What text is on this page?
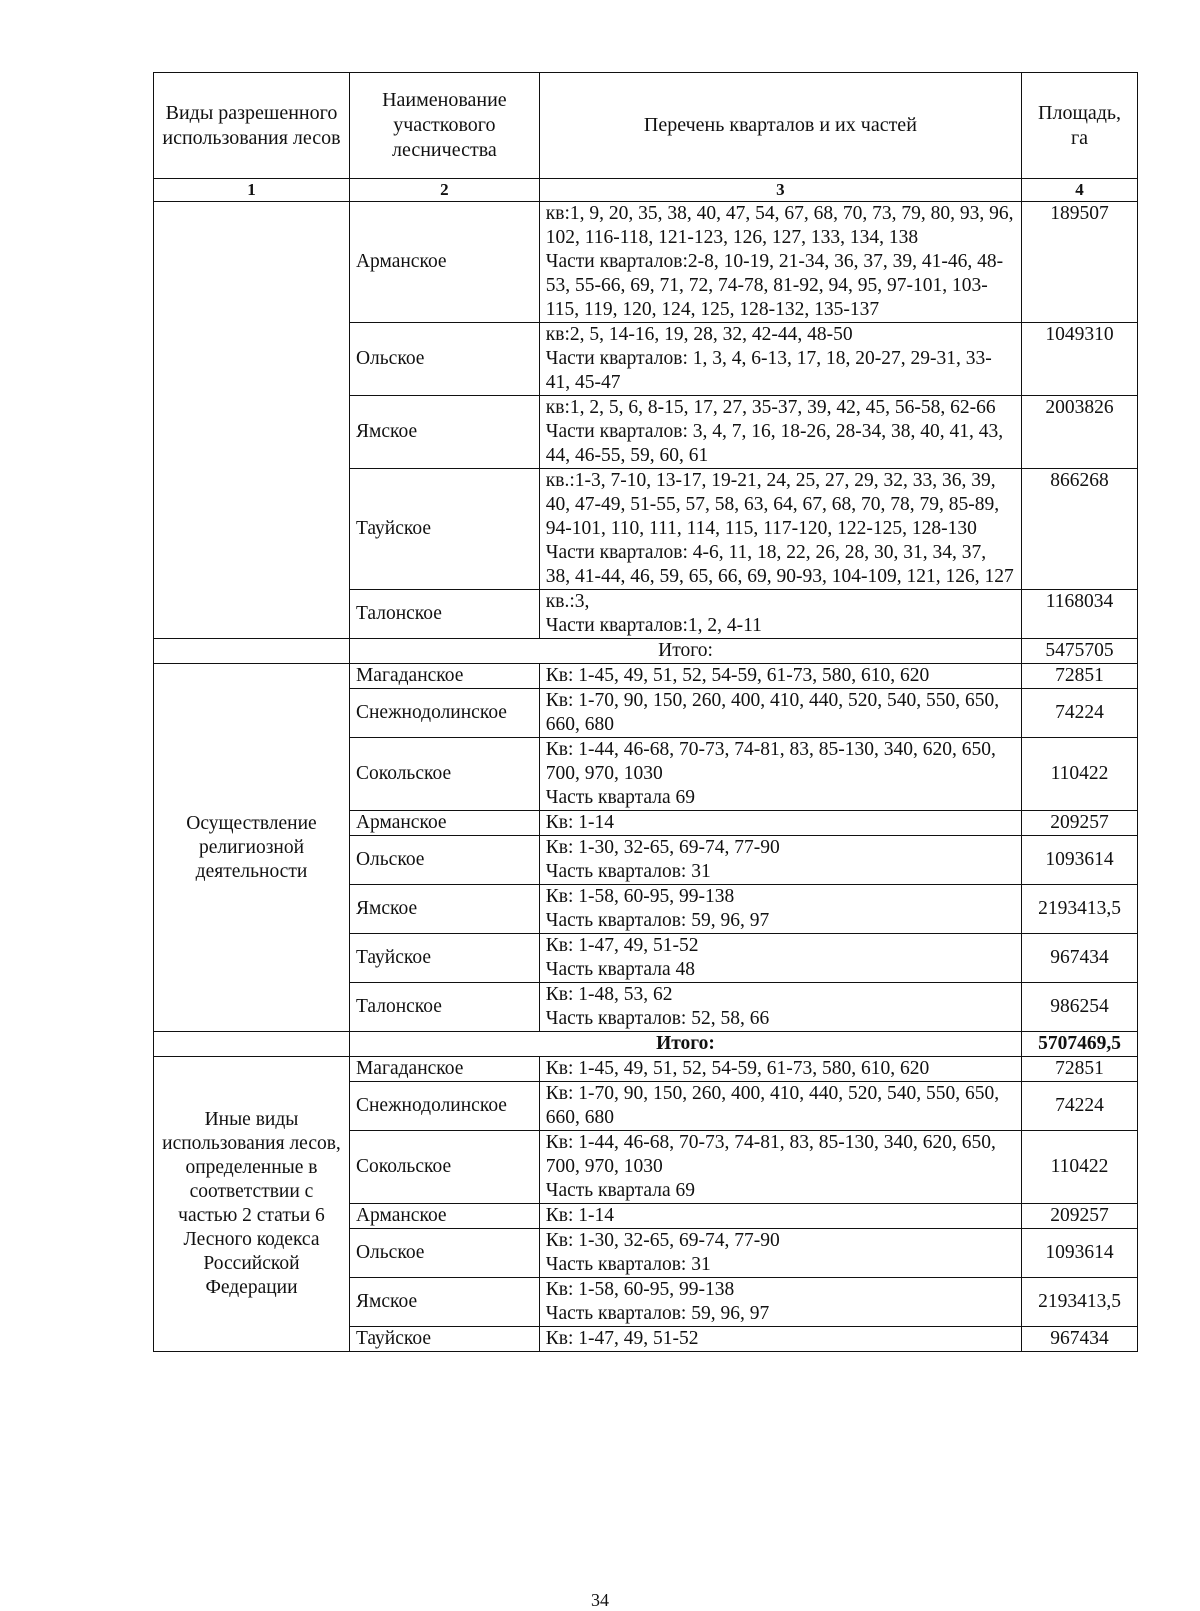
Виды разрешенного использования лесов	Наименование участкового лесничества	Перечень кварталов и их частей	Площадь, га
1	2	3	4
	Арманское	кв:1, 9, 20, 35, 38, 40, 47, 54, 67, 68, 70, 73, 79, 80, 93, 96, 102, 116-118, 121-123, 126, 127, 133, 134, 138
Части кварталов:2-8, 10-19, 21-34, 36, 37, 39, 41-46, 48-53, 55-66, 69, 71, 72, 74-78, 81-92, 94, 95, 97-101, 103-115, 119, 120, 124, 125, 128-132, 135-137	189507
	Ольское	кв:2, 5, 14-16, 19, 28, 32, 42-44, 48-50
Части кварталов: 1, 3, 4, 6-13, 17, 18, 20-27, 29-31, 33-41, 45-47	1049310
	Ямское	кв:1, 2, 5, 6, 8-15, 17, 27, 35-37, 39, 42, 45, 56-58, 62-66
Части кварталов: 3, 4, 7, 16, 18-26, 28-34, 38, 40, 41, 43, 44, 46-55, 59, 60, 61	2003826
	Тауйское	кв.:1-3, 7-10, 13-17, 19-21, 24, 25, 27, 29, 32, 33, 36, 39, 40, 47-49, 51-55, 57, 58, 63, 64, 67, 68, 70, 78, 79, 85-89, 94-101, 110, 111, 114, 115, 117-120, 122-125, 128-130
Части кварталов: 4-6, 11, 18, 22, 26, 28, 30, 31, 34, 37, 38, 41-44, 46, 59, 65, 66, 69, 90-93, 104-109, 121, 126, 127	866268
	Талонское	кв.:3,
Части кварталов:1, 2, 4-11	1168034
	Итого:		5475705
Осуществление религиозной деятельности	Магаданское	Кв: 1-45, 49, 51, 52, 54-59, 61-73, 580, 610, 620	72851
	Снежнодолинское	Кв: 1-70, 90, 150, 260, 400, 410, 440, 520, 540, 550, 650, 660, 680	74224
	Сокольское	Кв: 1-44, 46-68, 70-73, 74-81, 83, 85-130, 340, 620, 650, 700, 970, 1030
Часть квартала 69	110422
	Арманское	Кв: 1-14	209257
	Ольское	Кв: 1-30, 32-65, 69-74, 77-90
Часть кварталов: 31	1093614
	Ямское	Кв: 1-58, 60-95, 99-138
Часть кварталов: 59, 96, 97	2193413,5
	Тауйское	Кв: 1-47, 49, 51-52
Часть квартала 48	967434
	Талонское	Кв: 1-48, 53, 62
Часть кварталов: 52, 58, 66	986254
	Итого:		5707469,5
Иные виды использования лесов, определенные в соответствии с частью 2 статьи 6 Лесного кодекса Российской Федерации	Магаданское	Кв: 1-45, 49, 51, 52, 54-59, 61-73, 580, 610, 620	72851
	Снежнодолинское	Кв: 1-70, 90, 150, 260, 400, 410, 440, 520, 540, 550, 650, 660, 680	74224
	Сокольское	Кв: 1-44, 46-68, 70-73, 74-81, 83, 85-130, 340, 620, 650, 700, 970, 1030
Часть квартала 69	110422
	Арманское	Кв: 1-14	209257
	Ольское	Кв: 1-30, 32-65, 69-74, 77-90
Часть кварталов: 31	1093614
	Ямское	Кв: 1-58, 60-95, 99-138
Часть кварталов: 59, 96, 97	2193413,5
	Тауйское	Кв: 1-47, 49, 51-52	967434
34
